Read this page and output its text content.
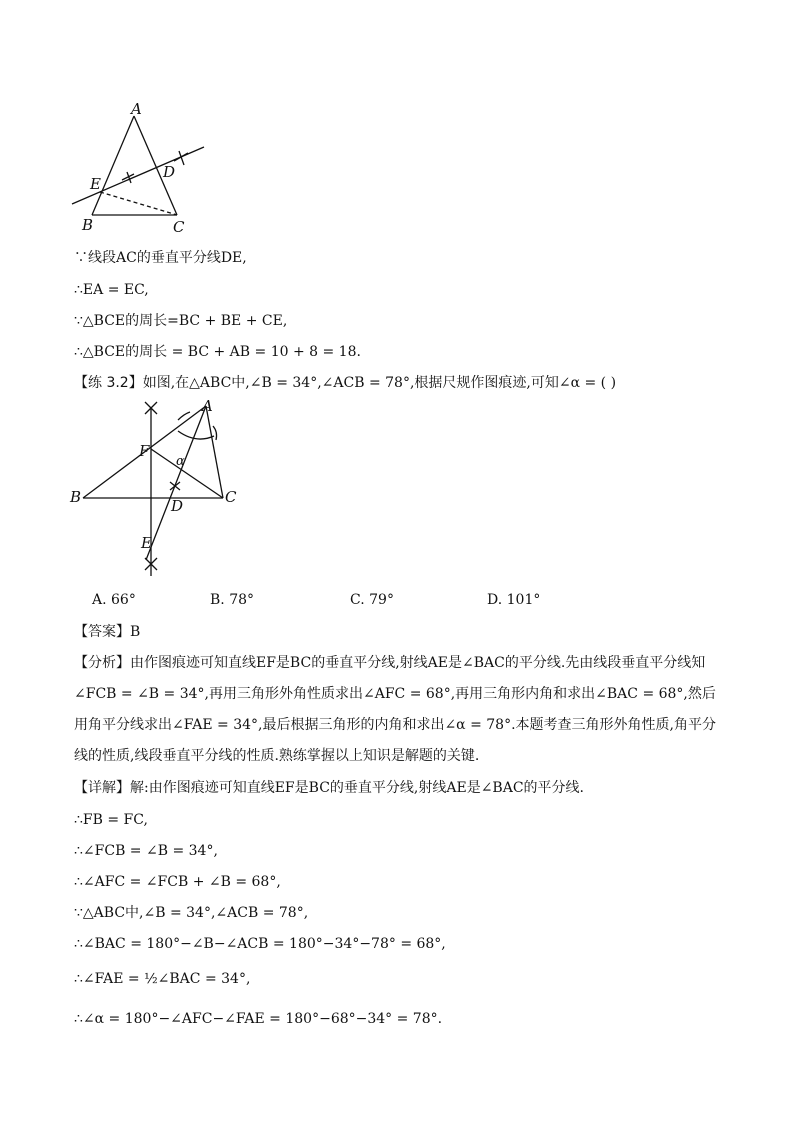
A
B	C
D
E
∵线段AC的垂直平分线DE,
∴EA = EC,
∵△BCE的周长=BC + BE + CE,
∴△BCE的周长 = BC + AB = 10 + 8 = 18.
【练 3.2】如图,在△ABC中,∠B = 34°,∠ACB = 78°,根据尺规作图痕迹,可知∠α = ( )
A
B	C
D
E
F
α
A. 66°	B. 78°	C. 79°	D. 101°
【答案】B
【分析】由作图痕迹可知直线EF是BC的垂直平分线,射线AE是∠BAC的平分线.先由线段垂直平分线知∠FCB = ∠B = 34°,再用三角形外角性质求出∠AFC = 68°,再用三角形内角和求出∠BAC = 68°,然后用角平分线求出∠FAE = 34°,最后根据三角形的内角和求出∠α = 78°.本题考查三角形外角性质,角平分线的性质,线段垂直平分线的性质.熟练掌握以上知识是解题的关键.
【详解】解:由作图痕迹可知直线EF是BC的垂直平分线,射线AE是∠BAC的平分线.
∴FB = FC,
∴∠FCB = ∠B = 34°,
∴∠AFC = ∠FCB + ∠B = 68°,
∵△ABC中,∠B = 34°,∠ACB = 78°,
∴∠BAC = 180°−∠B−∠ACB = 180°−34°−78° = 68°,
∴∠FAE = ½∠BAC = 34°,
∴∠α = 180°−∠AFC−∠FAE = 180°−68°−34° = 78°.
